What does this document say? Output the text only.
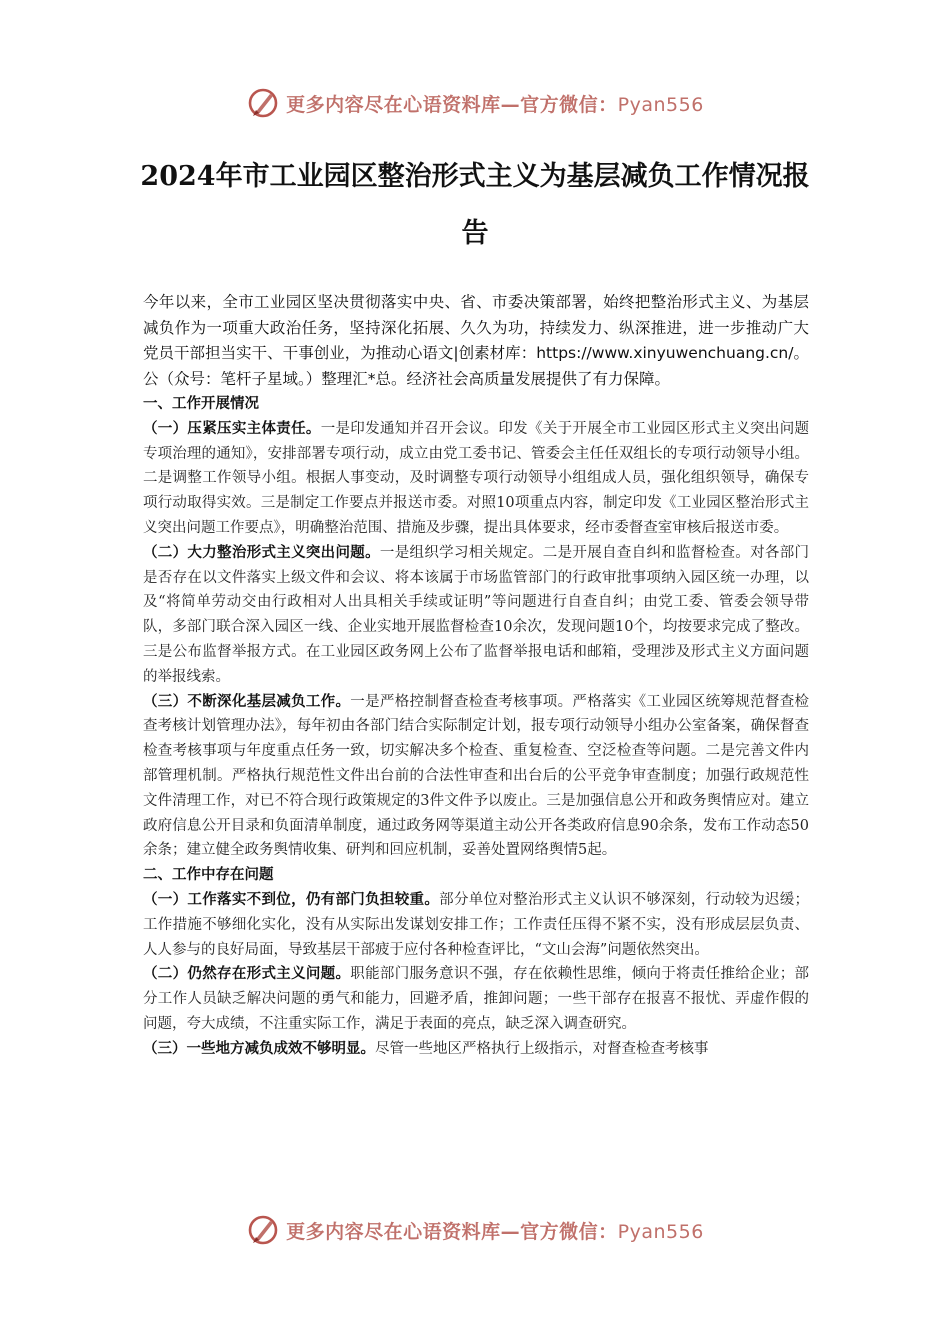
更多内容尽在心语资料库—官方微信：Pyan556
2024年市工业园区整治形式主义为基层减负工作情况报告

今年以来，全市工业园区坚决贯彻落实中央、省、市委决策部署，始终把整治形式主义、为基层减负作为一项重大政治任务，坚持深化拓展、久久为功，持续发力、纵深推进，进一步推动广大党员干部担当实干、干事创业，为推动心语文|创素材库：https://www.xinyuwenchuang.cn/。公（众号：笔杆子星域。）整理汇*总。经济社会高质量发展提供了有力保障。

一、工作开展情况

（一）压紧压实主体责任。一是印发通知并召开会议。印发《关于开展全市工业园区形式主义突出问题专项治理的通知》，安排部署专项行动，成立由党工委书记、管委会主任任双组长的专项行动领导小组。二是调整工作领导小组。根据人事变动，及时调整专项行动领导小组组成人员，强化组织领导，确保专项行动取得实效。三是制定工作要点并报送市委。对照10项重点内容，制定印发《工业园区整治形式主义突出问题工作要点》，明确整治范围、措施及步骤，提出具体要求，经市委督查室审核后报送市委。

（二）大力整治形式主义突出问题。一是组织学习相关规定。二是开展自查自纠和监督检查。对各部门是否存在以文件落实上级文件和会议、将本该属于市场监管部门的行政审批事项纳入园区统一办理，以及“将简单劳动交由行政相对人出具相关手续或证明”等问题进行自查自纠；由党工委、管委会领导带队，多部门联合深入园区一线、企业实地开展监督检查10余次，发现问题10个，均按要求完成了整改。三是公布监督举报方式。在工业园区政务网上公布了监督举报电话和邮箱，受理涉及形式主义方面问题的举报线索。

（三）不断深化基层减负工作。一是严格控制督查检查考核事项。严格落实《工业园区统筹规范督查检查考核计划管理办法》，每年初由各部门结合实际制定计划，报专项行动领导小组办公室备案，确保督查检查考核事项与年度重点任务一致，切实解决多个检查、重复检查、空泛检查等问题。二是完善文件内部管理机制。严格执行规范性文件出台前的合法性审查和出台后的公平竞争审查制度；加强行政规范性文件清理工作，对已不符合现行政策规定的3件文件予以废止。三是加强信息公开和政务舆情应对。建立政府信息公开目录和负面清单制度，通过政务网等渠道主动公开各类政府信息90余条，发布工作动态50余条；建立健全政务舆情收集、研判和回应机制，妥善处置网络舆情5起。

二、工作中存在问题

（一）工作落实不到位，仍有部门负担较重。部分单位对整治形式主义认识不够深刻，行动较为迟缓；工作措施不够细化实化，没有从实际出发谋划安排工作；工作责任压得不紧不实，没有形成层层负责、人人参与的良好局面，导致基层干部疲于应付各种检查评比，“文山会海”问题依然突出。

（二）仍然存在形式主义问题。职能部门服务意识不强，存在依赖性思维，倾向于将责任推给企业；部分工作人员缺乏解决问题的勇气和能力，回避矛盾，推卸问题；一些干部存在报喜不报忧、弄虚作假的问题，夸大成绩，不注重实际工作，满足于表面的亮点，缺乏深入调查研究。

（三）一些地方减负成效不够明显。尽管一些地区严格执行上级指示，对督查检查考核事

更多内容尽在心语资料库—官方微信：Pyan556
